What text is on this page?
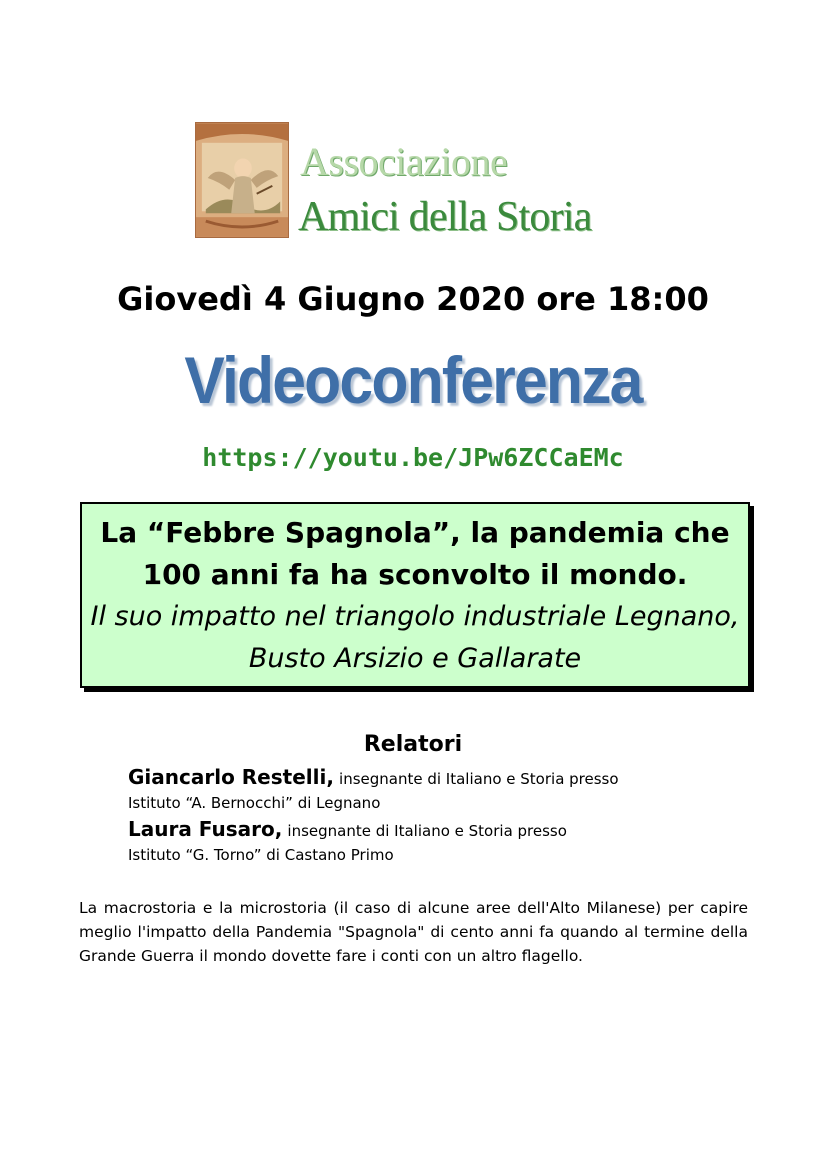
Associazione
Amici della Storia
Giovedì 4 Giugno 2020 ore 18:00
Videoconferenza
https://youtu.be/JPw6ZCCaEMc
La “Febbre Spagnola”, la pandemia che 100 anni fa ha sconvolto il mondo.
Il suo impatto nel triangolo industriale Legnano, Busto Arsizio e Gallarate
Relatori
Giancarlo Restelli, insegnante di Italiano e Storia presso
Istituto “A. Bernocchi” di Legnano
Laura Fusaro, insegnante di Italiano e Storia presso
Istituto “G. Torno” di Castano Primo
La macrostoria e la microstoria (il caso di alcune aree dell'Alto Milanese) per capire meglio l'impatto della Pandemia "Spagnola" di cento anni fa quando al termine della Grande Guerra il mondo dovette fare i conti con un altro flagello.
